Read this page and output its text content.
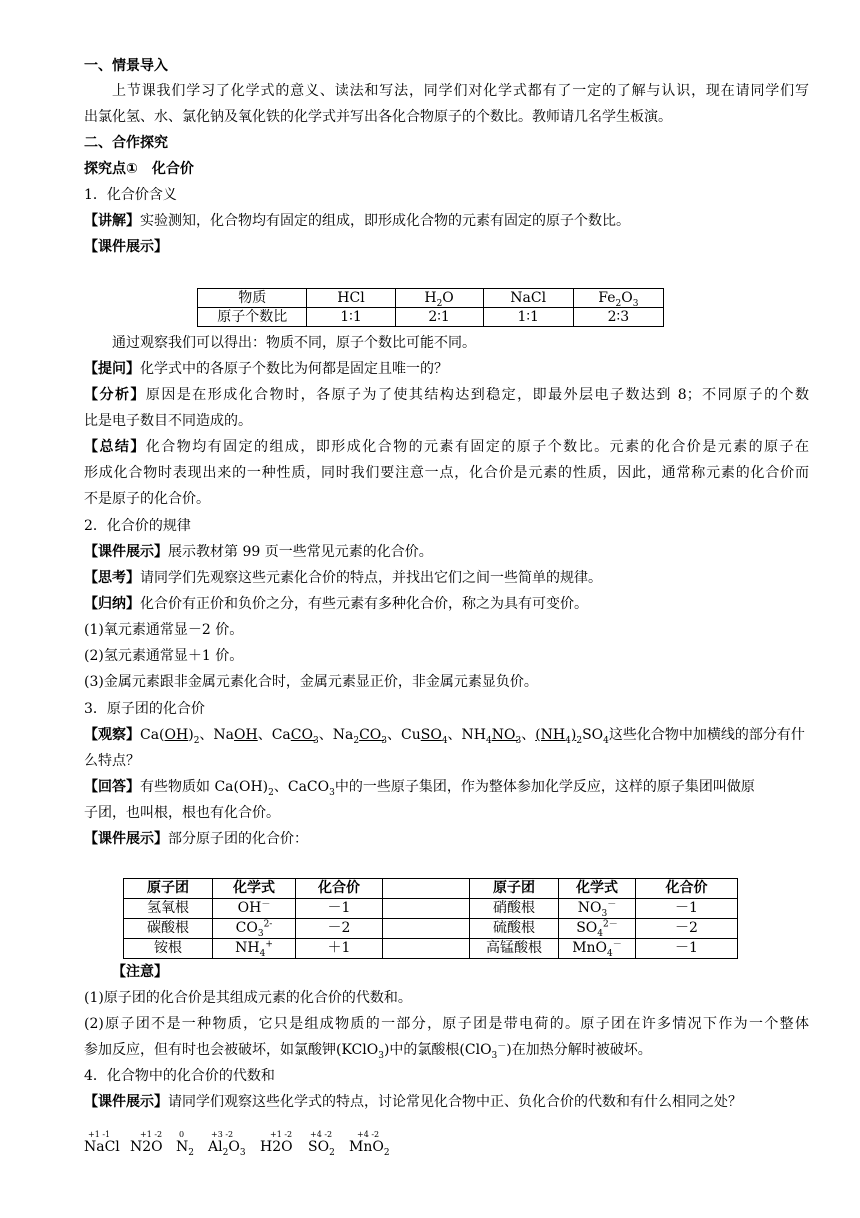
一、情景导入
上节课我们学习了化学式的意义、读法和写法，同学们对化学式都有了一定的了解与认识，现在请同学们写
出氯化氢、水、氯化钠及氧化铁的化学式并写出各化合物原子的个数比。教师请几名学生板演。
二、合作探究
探究点①　化合价
1．化合价含义
【讲解】实验测知，化合物均有固定的组成，即形成化合物的元素有固定的原子个数比。
【课件展示】
物质	HCl	$H_2O$	NaCl	$Fe_2O_3$
原子个数比	1∶1	2∶1	1∶1	2∶3
通过观察我们可以得出：物质不同，原子个数比可能不同。
【提问】化学式中的各原子个数比为何都是固定且唯一的？
【分析】原因是在形成化合物时，各原子为了使其结构达到稳定，即最外层电子数达到 8；不同原子的个数
比是电子数目不同造成的。
【总结】化合物均有固定的组成，即形成化合物的元素有固定的原子个数比。元素的化合价是元素的原子在
形成化合物时表现出来的一种性质，同时我们要注意一点，化合价是元素的性质，因此，通常称元素的化合价而
不是原子的化合价。
2．化合价的规律
【课件展示】展示教材第 99 页一些常见元素的化合价。
【思考】请同学们先观察这些元素化合价的特点，并找出它们之间一些简单的规律。
【归纳】化合价有正价和负价之分，有些元素有多种化合价，称之为具有可变价。
(1)氧元素通常显－2 价。
(2)氢元素通常显＋1 价。
(3)金属元素跟非金属元素化合时，金属元素显正价，非金属元素显负价。
3．原子团的化合价
【观察】$Ca(OH)_2$、NaOH、CaCO$_3$、$Na_2CO_3$、CuSO$_4$、$NH_4NO_3$、$(NH_4)_2SO_4$这些化合物中加横线的部分有什
么特点？
【回答】有些物质如 $Ca(OH)_2$、CaCO$_3$中的一些原子集团，作为整体参加化学反应，这样的原子集团叫做原
子团，也叫根，根也有化合价。
【课件展示】部分原子团的化合价：
原子团	化学式	化合价		原子团	化学式	化合价
氢氧根	OH－	－1		硝酸根	$NO_3^-$	－1
碳酸根	$CO_3^{2-}$	－2		硫酸根	$SO_4^{2-}$	－2
铵根	$NH_4^+$	＋1		高锰酸根	MnO$_4$－	－1
【注意】
(1)原子团的化合价是其组成元素的化合价的代数和。
(2)原子团不是一种物质，它只是组成物质的一部分，原子团是带电荷的。原子团在许多情况下作为一个整体
参加反应，但有时也会被破坏，如氯酸钾(KClO$_3$)中的氯酸根(ClO$_3$－)在加热分解时被破坏。
4．化合物中的化合价的代数和
【课件展示】请同学们观察这些化学式的特点，讨论常见化合物中正、负化合价的代数和有什么相同之处？
+1 -1
NaCl
+1 -2
N2O
0
$N_2$
+3 -2
$Al_2O_3$
+1 -2
H2O
+4 -2
$SO_2$
+4 -2
MnO$_2$
